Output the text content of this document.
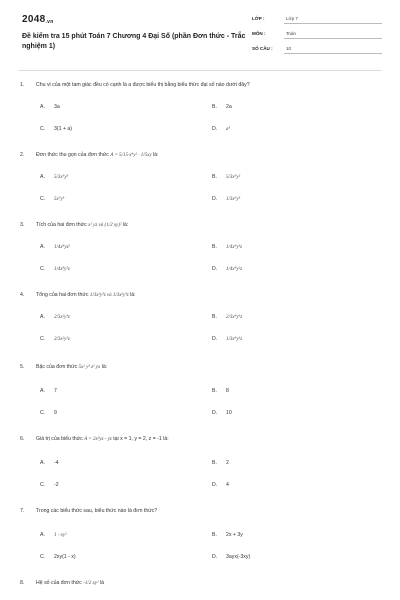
2048.vn
Đề kiểm tra 15 phút Toán 7 Chương 4 Đại Số (phần Đơn thức - Trắc nghiệm 1)
LỚP :	Lớp 7
MÔN :	Toán
SỐ CÂU :	10
1. Chu vi của một tam giác đều có cạnh là a được biểu thị bằng biểu thức đại số nào dưới đây?
A. 3a	B. 2a
C. 3(1 + a)	D. a³
2. Đơn thức thu gọn của đơn thức A = 5/15·x⁴y² · 1/5xy là:
A. 5/3x⁵y³	B. 5/3x⁵y²
C. 5x⁵y⁵	D. 1/3x⁵y³
3. Tích của hai đơn thức x² yz và (1/2 xy)² là:
A. 1/4x⁴yz²	B. 1/4x⁴y³z
C. 1/4x³y²z	D. 1/4x⁴y²z
4. Tổng của hai đơn thức 1/3x²y³z và 1/3x²y³z là:
A. 2/3x²y³z	B. 2/3x⁴y⁶z
C. 2/3x²y²z	D. 1/3x⁴y⁶z
5. Bậc của đơn thức 5x² y³ z² yx là:
A. 7	B. 8
C. 9	D. 10
6. Giá trị của biểu thức A = 2x³yz - yz tại x = 1, y = 2, z = -1 là:
A. -4	B. 2
C. -2	D. 4
7. Trong các biểu thức sau, biểu thức nào là đơn thức?
A. 1 - xy²	B. 2x + 3y
C. 2xy(1 - x)	D. 3ayx(-3xy)
8. Hệ số của đơn thức -1/2 xy² là
